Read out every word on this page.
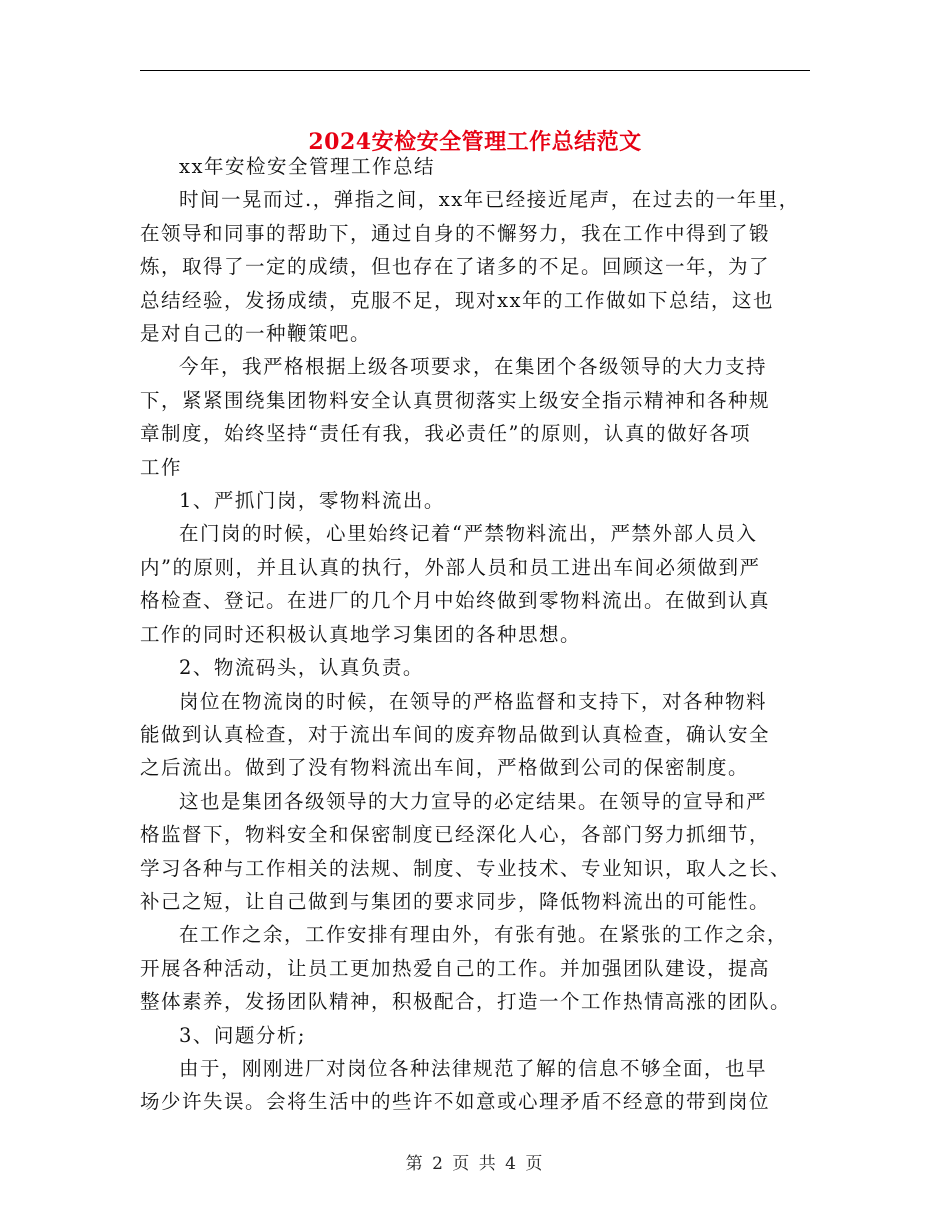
2024安检安全管理工作总结范文

xx年安检安全管理工作总结

时间一晃而过.，弹指之间，xx年已经接近尾声，在过去的一年里，
在领导和同事的帮助下，通过自身的不懈努力，我在工作中得到了锻
炼，取得了一定的成绩，但也存在了诸多的不足。回顾这一年，为了
总结经验，发扬成绩，克服不足，现对xx年的工作做如下总结，这也
是对自己的一种鞭策吧。

今年，我严格根据上级各项要求，在集团个各级领导的大力支持
下，紧紧围绕集团物料安全认真贯彻落实上级安全指示精神和各种规
章制度，始终坚持“责任有我，我必责任”的原则，认真的做好各项
工作

1、严抓门岗，零物料流出。

在门岗的时候，心里始终记着“严禁物料流出，严禁外部人员入
内”的原则，并且认真的执行，外部人员和员工进出车间必须做到严
格检查、登记。在进厂的几个月中始终做到零物料流出。在做到认真
工作的同时还积极认真地学习集团的各种思想。

2、物流码头，认真负责。

岗位在物流岗的时候，在领导的严格监督和支持下，对各种物料
能做到认真检查，对于流出车间的废弃物品做到认真检查，确认安全
之后流出。做到了没有物料流出车间，严格做到公司的保密制度。

这也是集团各级领导的大力宣导的必定结果。在领导的宣导和严
格监督下，物料安全和保密制度已经深化人心，各部门努力抓细节，
学习各种与工作相关的法规、制度、专业技术、专业知识，取人之长、
补己之短，让自己做到与集团的要求同步，降低物料流出的可能性。

在工作之余，工作安排有理由外，有张有弛。在紧张的工作之余，
开展各种活动，让员工更加热爱自己的工作。并加强团队建设，提高
整体素养，发扬团队精神，积极配合，打造一个工作热情高涨的团队。

3、问题分析;

由于，刚刚进厂对岗位各种法律规范了解的信息不够全面，也早
场少许失误。会将生活中的些许不如意或心理矛盾不经意的带到岗位

第 2 页 共 4 页
